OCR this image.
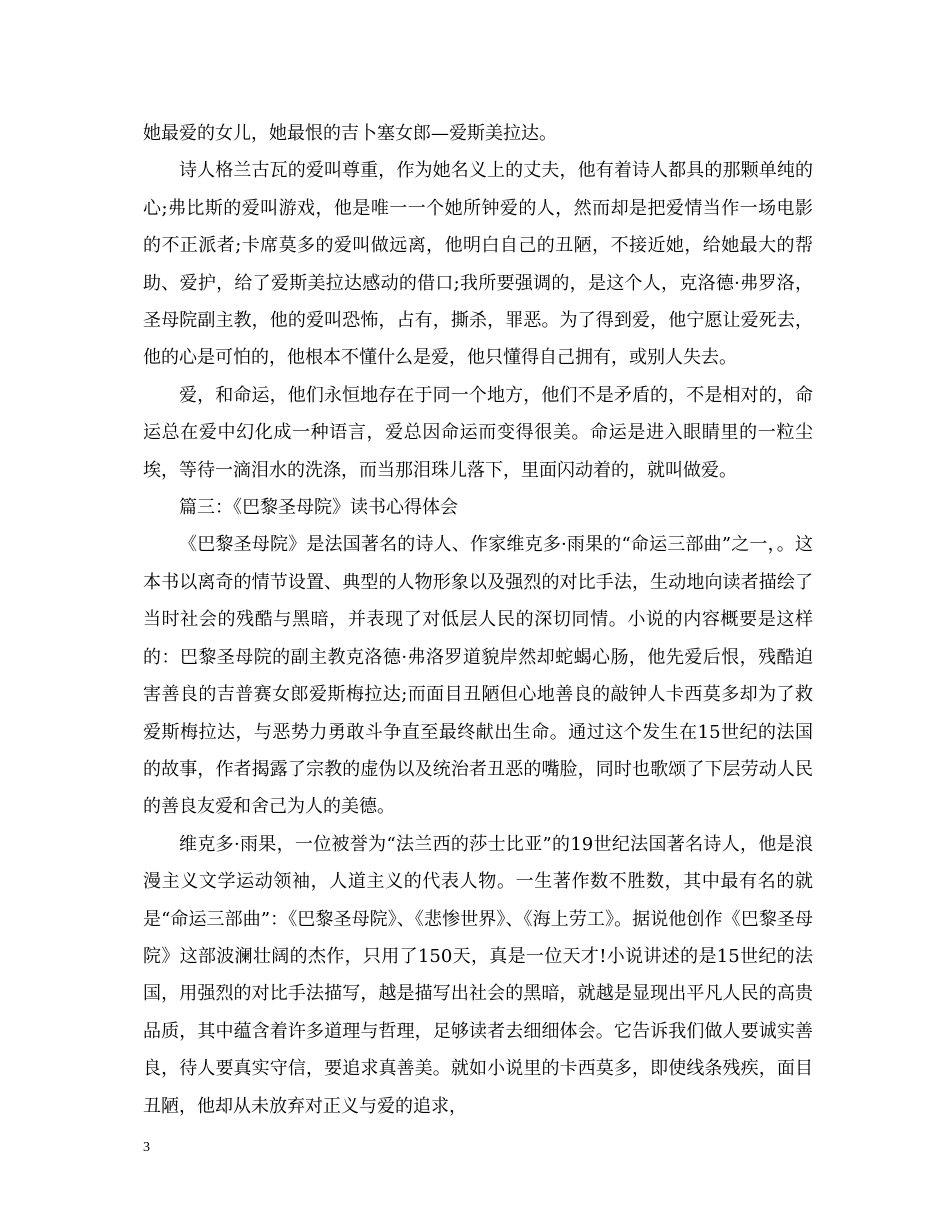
她最爱的女儿，她最恨的吉卜塞女郎—爱斯美拉达。

诗人格兰古瓦的爱叫尊重，作为她名义上的丈夫，他有着诗人都具的那颗单纯的心;弗比斯的爱叫游戏，他是唯一一个她所钟爱的人，然而却是把爱情当作一场电影的不正派者;卡席莫多的爱叫做远离，他明白自己的丑陋，不接近她，给她最大的帮助、爱护，给了爱斯美拉达感动的借口;我所要强调的，是这个人，克洛德·弗罗洛，圣母院副主教，他的爱叫恐怖，占有，撕杀，罪恶。为了得到爱，他宁愿让爱死去，他的心是可怕的，他根本不懂什么是爱，他只懂得自己拥有，或别人失去。

爱，和命运，他们永恒地存在于同一个地方，他们不是矛盾的，不是相对的，命运总在爱中幻化成一种语言，爱总因命运而变得很美。命运是进入眼睛里的一粒尘埃，等待一滴泪水的洗涤，而当那泪珠儿落下，里面闪动着的，就叫做爱。

篇三：《巴黎圣母院》读书心得体会

《巴黎圣母院》是法国著名的诗人、作家维克多·雨果的“命运三部曲”之一，。这本书以离奇的情节设置、典型的人物形象以及强烈的对比手法，生动地向读者描绘了当时社会的残酷与黑暗，并表现了对低层人民的深切同情。小说的内容概要是这样的：巴黎圣母院的副主教克洛德·弗洛罗道貌岸然却蛇蝎心肠，他先爱后恨，残酷迫害善良的吉普赛女郎爱斯梅拉达;而面目丑陋但心地善良的敲钟人卡西莫多却为了救爱斯梅拉达，与恶势力勇敢斗争直至最终献出生命。通过这个发生在15世纪的法国的故事，作者揭露了宗教的虚伪以及统治者丑恶的嘴脸，同时也歌颂了下层劳动人民的善良友爱和舍己为人的美德。

维克多·雨果，一位被誉为“法兰西的莎士比亚”的19世纪法国著名诗人，他是浪漫主义文学运动领袖，人道主义的代表人物。一生著作数不胜数，其中最有名的就是“命运三部曲”：《巴黎圣母院》、《悲惨世界》、《海上劳工》。据说他创作《巴黎圣母院》这部波澜壮阔的杰作，只用了150天，真是一位天才!小说讲述的是15世纪的法国，用强烈的对比手法描写，越是描写出社会的黑暗，就越是显现出平凡人民的高贵品质，其中蕴含着许多道理与哲理，足够读者去细细体会。它告诉我们做人要诚实善良，待人要真实守信，要追求真善美。就如小说里的卡西莫多，即使线条残疾，面目丑陋，他却从未放弃对正义与爱的追求，

3
